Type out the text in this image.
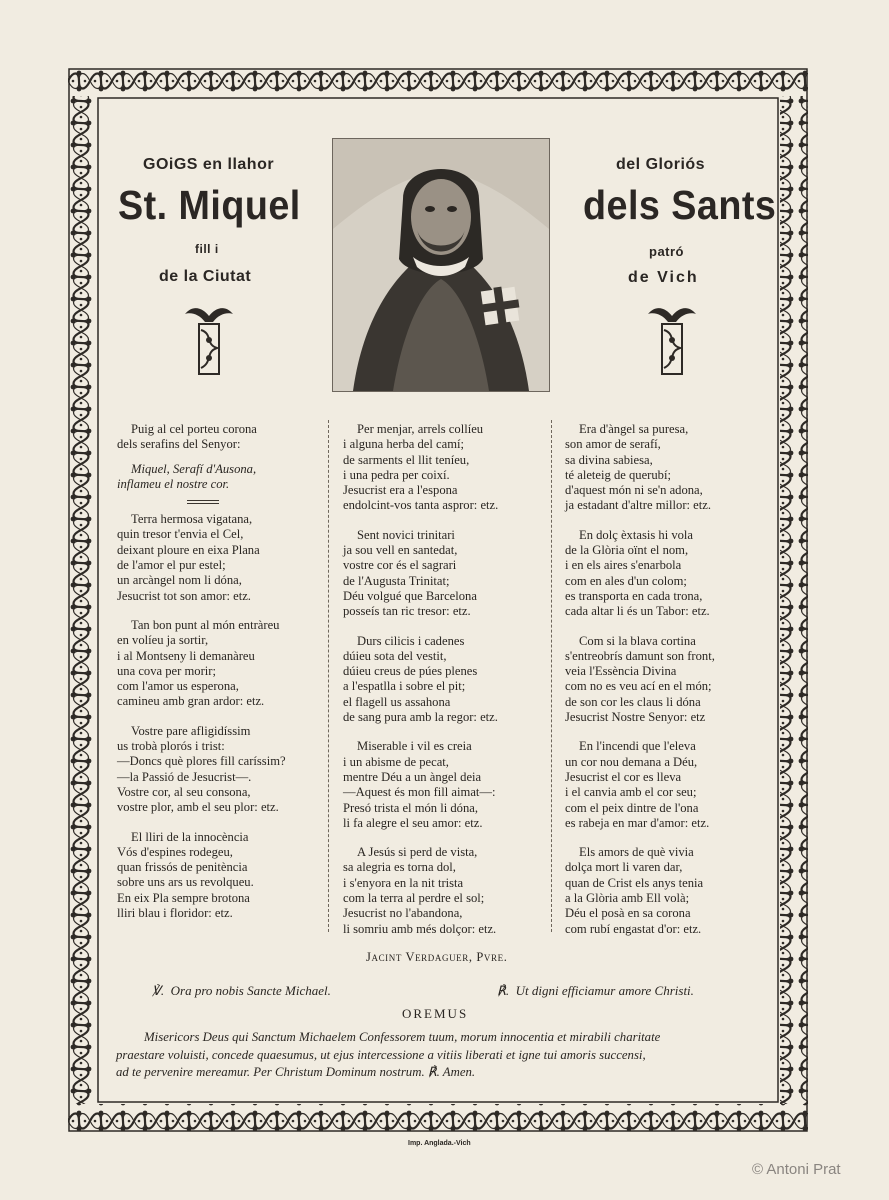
GOiGS en llahor
St. Miquel
fill i
de la Ciutat
del Gloriós
dels Sants
patró
de Vich

Puig al cel porteu corona

dels serafins del Senyor:

Miquel, Serafí d'Ausona,

inflameu el nostre cor.

Terra hermosa vigatana,

quin tresor t'envia el Cel,

deixant ploure en eixa Plana

de l'amor el pur estel;

un arcàngel nom li dóna,

Jesucrist tot son amor: etz.

Tan bon punt al món entràreu

en volíeu ja sortir,

i al Montseny li demanàreu

una cova per morir;

com l'amor us esperona,

camineu amb gran ardor: etz.

Vostre pare afligidíssim

us trobà plorós i trist:

—Doncs què plores fill caríssim?

—la Passió de Jesucrist—.

Vostre cor, al seu consona,

vostre plor, amb el seu plor: etz.

El lliri de la innocència

Vós d'espines rodegeu,

quan frissós de penitència

sobre uns ars us revolqueu.

En eix Pla sempre brotona

lliri blau i floridor: etz.

Per menjar, arrels collíeu

i alguna herba del camí;

de sarments el llit teníeu,

i una pedra per coixí.

Jesucrist era a l'espona

endolcint-vos tanta aspror: etz.

Sent novici trinitari

ja sou vell en santedat,

vostre cor és el sagrari

de l'Augusta Trinitat;

Déu volgué que Barcelona

posseís tan ric tresor: etz.

Durs cilicis i cadenes

dúieu sota del vestit,

dúieu creus de púes plenes

a l'espatlla i sobre el pit;

el flagell us assahona

de sang pura amb la regor: etz.

Miserable i vil es creia

i un abisme de pecat,

mentre Déu a un àngel deia

—Aquest és mon fill aimat—:

Presó trista el món li dóna,

li fa alegre el seu amor: etz.

A Jesús si perd de vista,

sa alegria es torna dol,

i s'enyora en la nit trista

com la terra al perdre el sol;

Jesucrist no l'abandona,

li somriu amb més dolçor: etz.

Era d'àngel sa puresa,

son amor de serafí,

sa divina sabiesa,

té aleteig de querubí;

d'aquest món ni se'n adona,

ja estadant d'altre millor: etz.

En dolç èxtasis hi vola

de la Glòria oïnt el nom,

i en els aires s'enarbola

com en ales d'un colom;

es transporta en cada trona,

cada altar li és un Tabor: etz.

Com si la blava cortina

s'entreobrís damunt son front,

veia l'Essència Divina

com no es veu ací en el món;

de son cor les claus li dóna

Jesucrist Nostre Senyor: etz

En l'incendi que l'eleva

un cor nou demana a Déu,

Jesucrist el cor es lleva

i el canvia amb el cor seu;

com el peix dintre de l'ona

es rabeja en mar d'amor: etz.

Els amors de què vivia

dolça mort li varen dar,

quan de Crist els anys tenia

a la Glòria amb Ell volà;

Déu el posà en sa corona

com rubí engastat d'or: etz.

Jacint Verdaguer, Pvre.
℣. Ora pro nobis Sancte Michael.	℟. Ut digni efficiamur amore Christi.
OREMUS
Misericors Deus qui Sanctum Michaelem Confessorem tuum, morum innocentia et mirabili charitate
praestare voluisti, concede quaesumus, ut ejus intercessione a vitiis liberati et igne tui amoris succensi,
ad te pervenire mereamur. Per Christum Dominum nostrum. ℟. Amen.
Imp. Anglada.-Vich
© Antoni Prat
